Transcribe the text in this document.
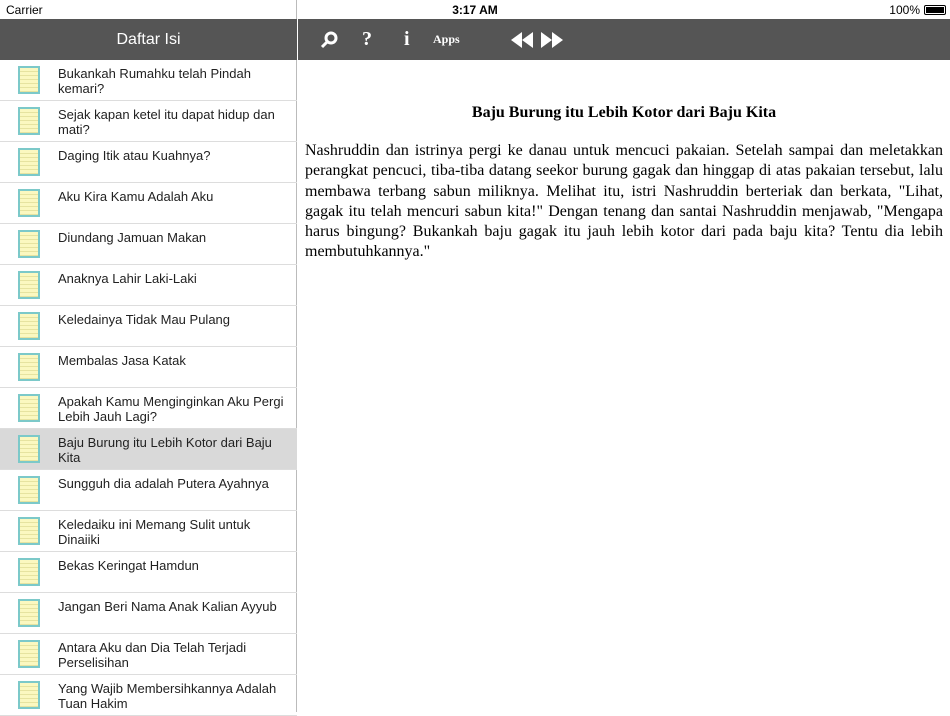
Daftar Isi
Bukankah Rumahku telah Pindah kemari?
Sejak kapan ketel itu dapat hidup dan mati?
Daging Itik atau Kuahnya?
Aku Kira Kamu Adalah Aku
Diundang Jamuan Makan
Anaknya Lahir Laki-Laki
Keledainya Tidak Mau Pulang
Membalas Jasa Katak
Apakah Kamu Menginginkan Aku Pergi Lebih Jauh Lagi?
Baju Burung itu Lebih Kotor dari Baju Kita
Sungguh dia adalah Putera Ayahnya
Keledaiku ini Memang Sulit untuk Dinaiiki
Bekas Keringat Hamdun
Jangan Beri Nama Anak Kalian Ayyub
Antara Aku dan Dia Telah Terjadi Perselisihan
Yang Wajib Membersihkannya Adalah Tuan Hakim
Carrier	3:17 AM	100%
? i Apps
Baju Burung itu Lebih Kotor dari Baju Kita

Nashruddin dan istrinya pergi ke danau untuk mencuci pakaian. Setelah sampai dan meletakkan perangkat pencuci, tiba-tiba datang seekor burung gagak dan hinggap di atas pakaian tersebut, lalu membawa terbang sabun miliknya. Melihat itu, istri Nashruddin berteriak dan berkata, "Lihat, gagak itu telah mencuri sabun kita!" Dengan tenang dan santai Nashruddin menjawab, "Mengapa harus bingung? Bukankah baju gagak itu jauh lebih kotor dari pada baju kita? Tentu dia lebih membutuhkannya."
